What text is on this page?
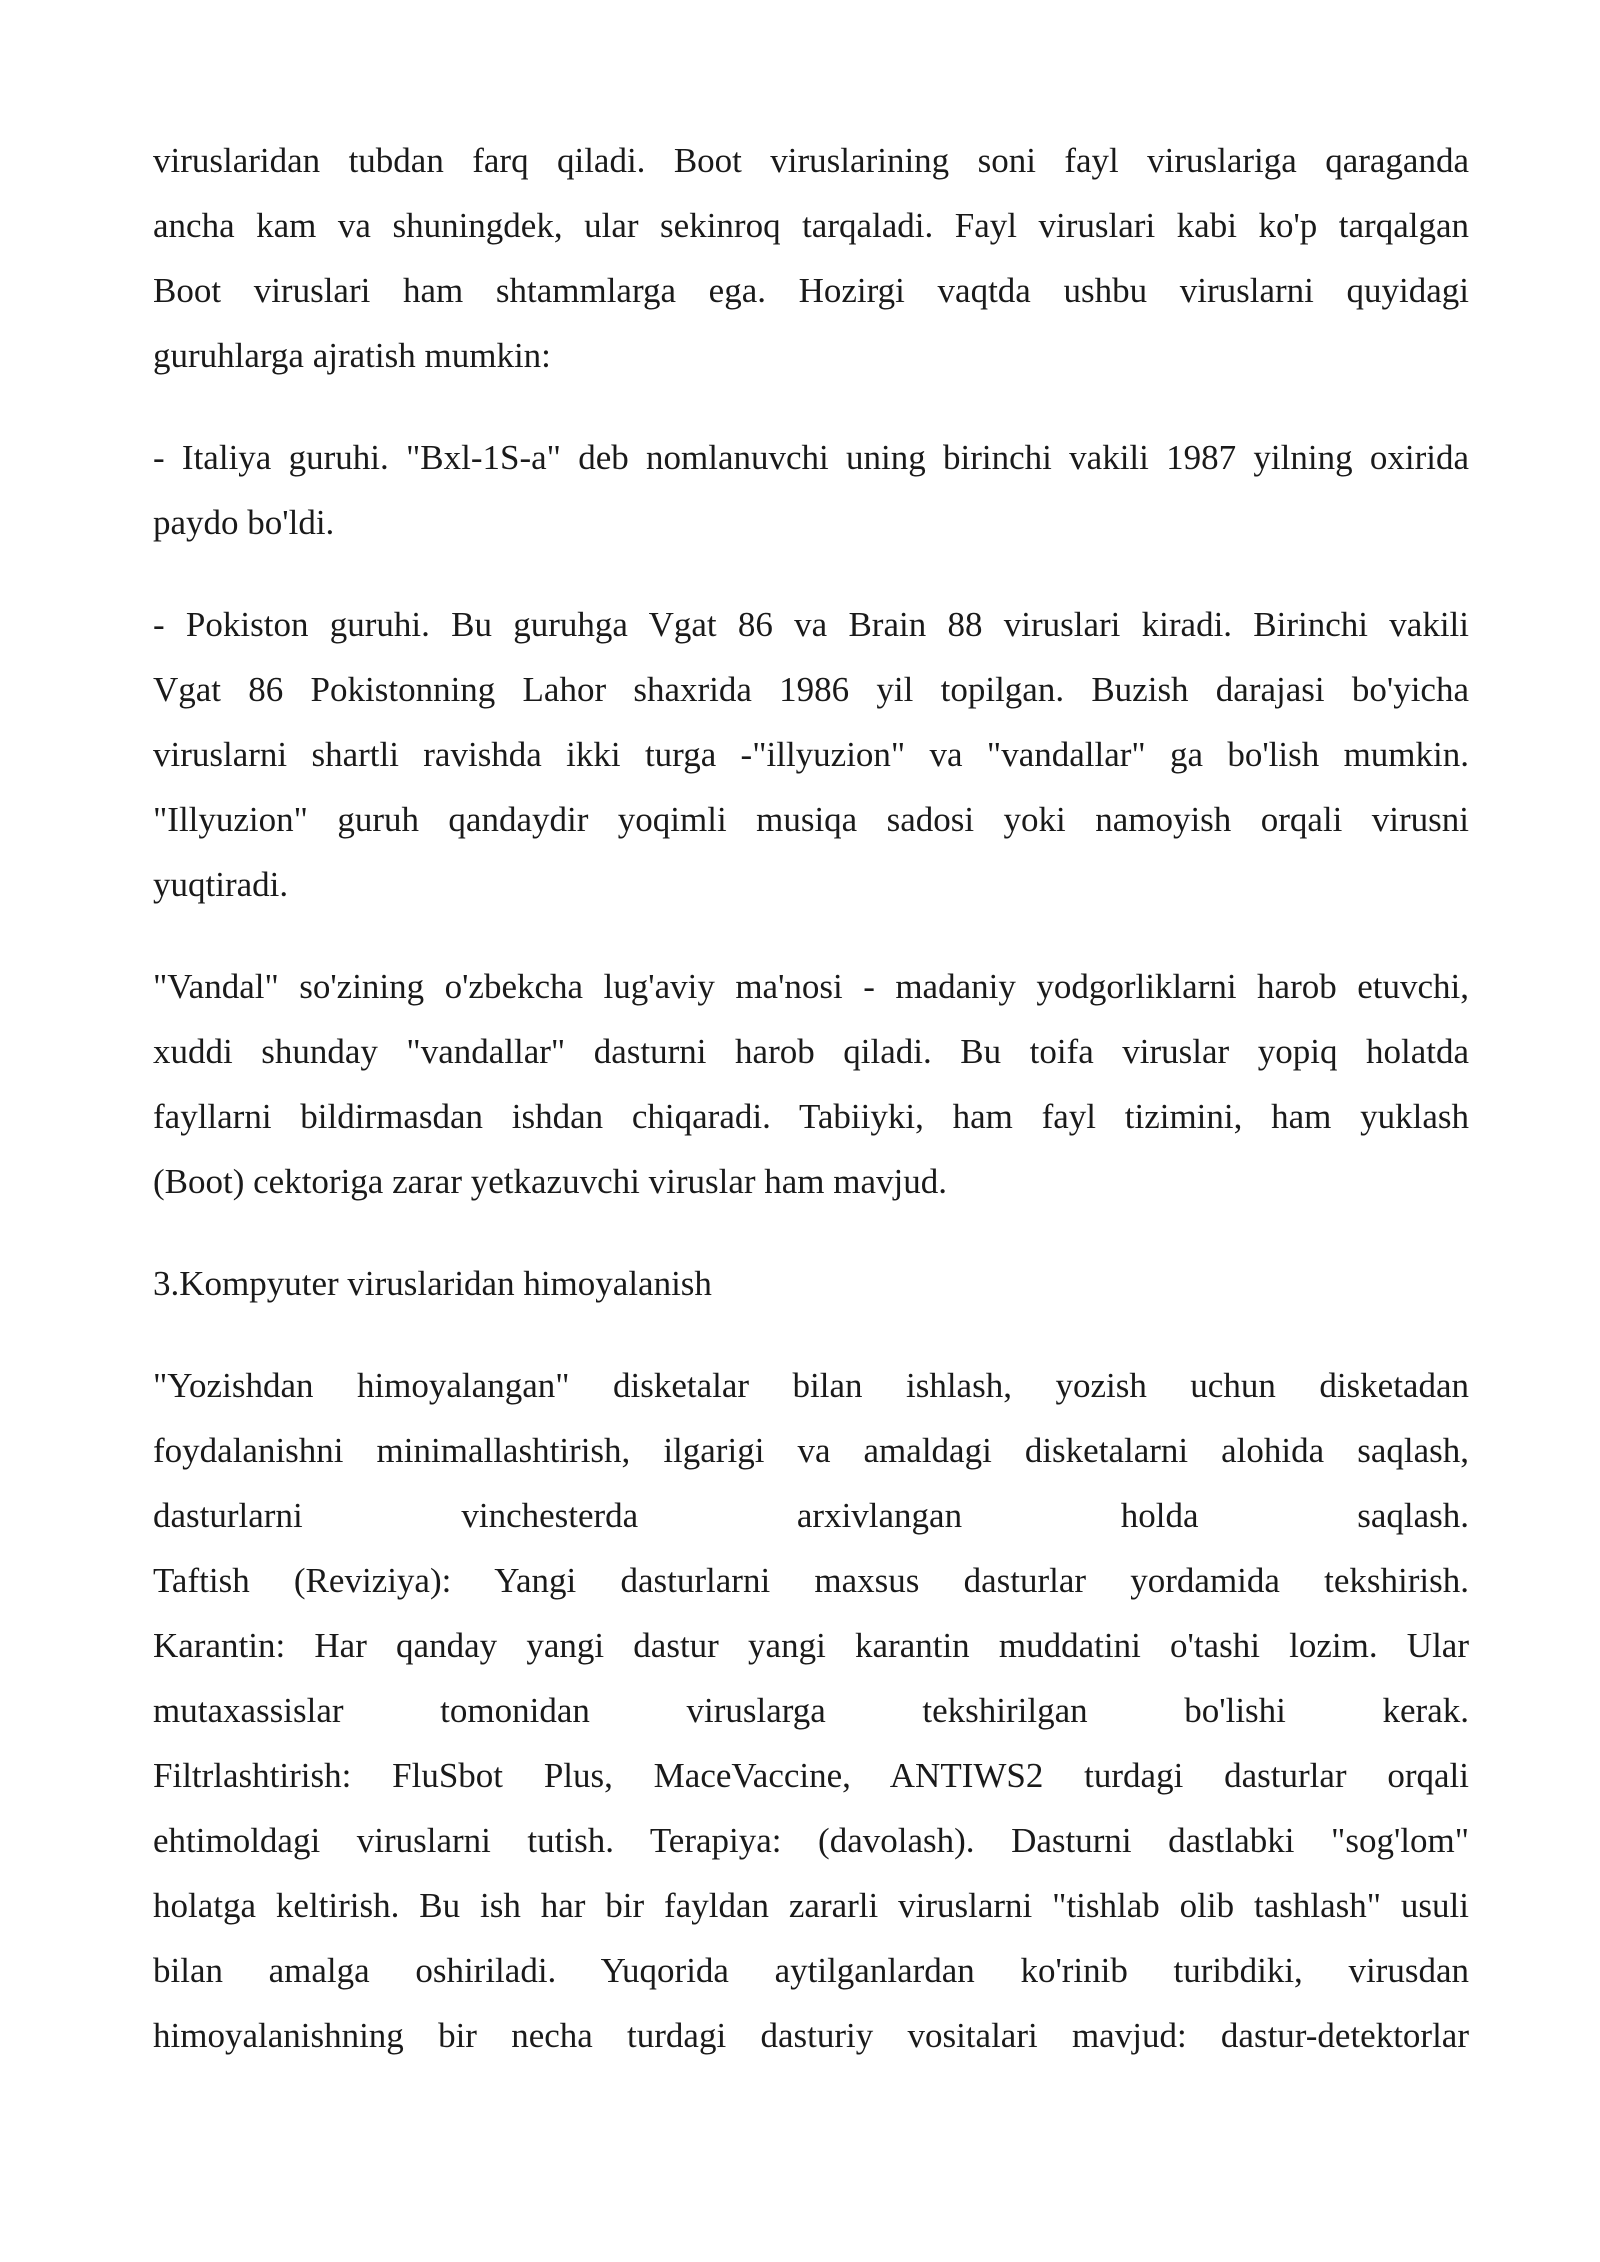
viruslaridan tubdan farq qiladi. Boot viruslarining soni fayl viruslariga qaraganda
ancha kam va shuningdek, ular sekinroq tarqaladi. Fayl viruslari kabi ko'p tarqalgan
Boot viruslari ham shtammlarga ega. Hozirgi vaqtda ushbu viruslarni quyidagi
guruhlarga ajratish mumkin:
- Italiya guruhi. "Bxl-1S-a" deb nomlanuvchi uning birinchi vakili 1987 yilning oxirida
paydo bo'ldi.
- Pokiston guruhi. Bu guruhga Vgat 86 va Brain 88 viruslari kiradi. Birinchi vakili
Vgat 86 Pokistonning Lahor shaxrida 1986 yil topilgan. Buzish darajasi bo'yicha
viruslarni shartli ravishda ikki turga -"illyuzion" va "vandallar" ga bo'lish mumkin.
"Illyuzion" guruh qandaydir yoqimli musiqa sadosi yoki namoyish orqali virusni
yuqtiradi.
"Vandal" so'zining o'zbekcha lug'aviy ma'nosi - madaniy yodgorliklarni harob etuvchi,
xuddi shunday "vandallar" dasturni harob qiladi. Bu toifa viruslar yopiq holatda
fayllarni bildirmasdan ishdan chiqaradi. Tabiiyki, ham fayl tizimini, ham yuklash
(Boot) cektoriga zarar yetkazuvchi viruslar ham mavjud.
3.Kompyuter viruslaridan himoyalanish
"Yozishdan himoyalangan" disketalar bilan ishlash, yozish uchun disketadan
foydalanishni minimallashtirish, ilgarigi va amaldagi disketalarni alohida saqlash,
dasturlarni vinchesterda arxivlangan holda saqlash.
Taftish (Reviziya): Yangi dasturlarni maxsus dasturlar yordamida tekshirish.
Karantin: Har qanday yangi dastur yangi karantin muddatini o'tashi lozim. Ular
mutaxassislar tomonidan viruslarga tekshirilgan bo'lishi kerak.
Filtrlashtirish: FluSbot Plus, MaceVaccine, ANTIWS2 turdagi dasturlar orqali
ehtimoldagi viruslarni tutish. Terapiya: (davolash). Dasturni dastlabki "sog'lom"
holatga keltirish. Bu ish har bir fayldan zararli viruslarni "tishlab olib tashlash" usuli
bilan amalga oshiriladi. Yuqorida aytilganlardan ko'rinib turibdiki, virusdan
himoyalanishning bir necha turdagi dasturiy vositalari mavjud: dastur-detektorlar
